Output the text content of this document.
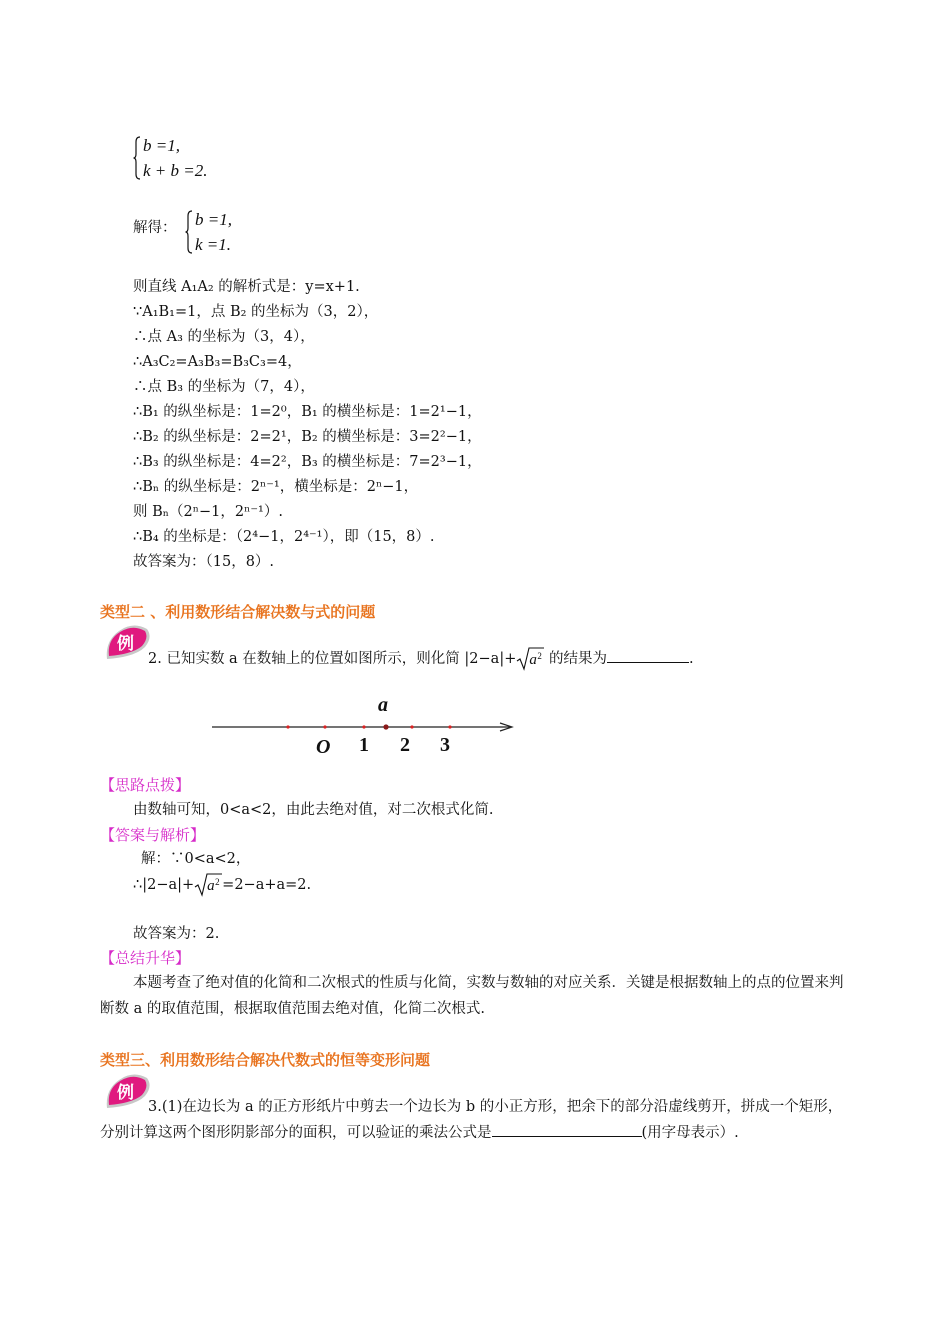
b =1,
k + b =2.
解得： b =1,
k =1.
则直线 A₁A₂ 的解析式是：y=x+1.
∵A₁B₁=1，点 B₂ 的坐标为（3，2），
∴点 A₃ 的坐标为（3，4），
∴A₃C₂=A₃B₃=B₃C₃=4，
∴点 B₃ 的坐标为（7，4），
∴B₁ 的纵坐标是：1=2⁰，B₁ 的横坐标是：1=2¹−1，
∴B₂ 的纵坐标是：2=2¹，B₂ 的横坐标是：3=2²−1，
∴B₃ 的纵坐标是：4=2²，B₃ 的横坐标是：7=2³−1，
∴Bₙ 的纵坐标是：2ⁿ⁻¹，横坐标是：2ⁿ−1，
则 Bₙ（2ⁿ−1，2ⁿ⁻¹）.
∴B₄ 的坐标是：（2⁴−1，2⁴⁻¹），即（15，8）.
故答案为：（15，8）.
类型二 、利用数形结合解决数与式的问题
例
2. 已知实数 a 在数轴上的位置如图所示，则化简 |2−a|+ a 2 的结果为	.
a
O 1 2 3
【思路点拨】
由数轴可知，0<a<2，由此去绝对值，对二次根式化简.
【答案与解析】
解：∵0<a<2，
∴|2−a|+ a 2 =2−a+a=2.
故答案为：2.
【总结升华】
本题考查了绝对值的化简和二次根式的性质与化简，实数与数轴的对应关系．关键是根据数轴上的点的位置来判断数 a 的取值范围，根据取值范围去绝对值，化简二次根式.
类型三、利用数形结合解决代数式的恒等变形问题
例
3.(1)在边长为 a 的正方形纸片中剪去一个边长为 b 的小正方形，把余下的部分沿虚线剪开，拼成一个矩形，分别计算这两个图形阴影部分的面积，可以验证的乘法公式是	(用字母表示）.
